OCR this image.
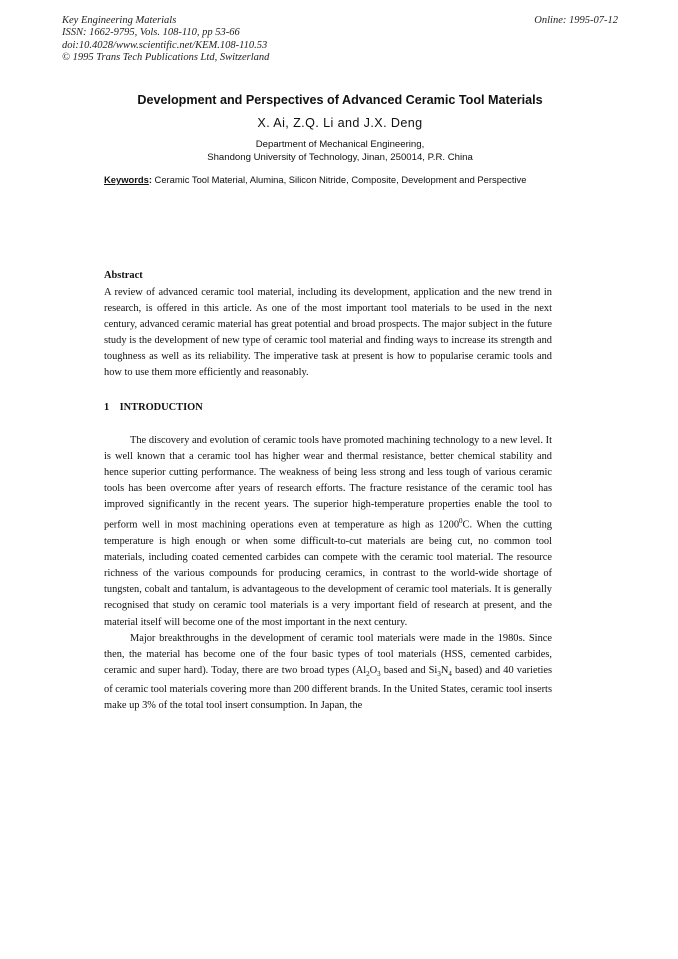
Key Engineering Materials
ISSN: 1662-9795, Vols. 108-110, pp 53-66
doi:10.4028/www.scientific.net/KEM.108-110.53
© 1995 Trans Tech Publications Ltd, Switzerland
Online: 1995-07-12
Development and Perspectives of Advanced Ceramic Tool Materials
X. Ai, Z.Q. Li and J.X. Deng
Department of Mechanical Engineering,
Shandong University of Technology, Jinan, 250014, P.R. China
Keywords: Ceramic Tool Material, Alumina, Silicon Nitride, Composite, Development and Perspective
Abstract
A review of advanced ceramic tool material, including its development, application and the new trend in research, is offered in this article. As one of the most important tool materials to be used in the next century, advanced ceramic material has great potential and broad prospects. The major subject in the future study is the development of new type of ceramic tool material and finding ways to increase its strength and toughness as well as its reliability. The imperative task at present is how to popularise ceramic tools and how to use them more efficiently and reasonably.
1 INTRODUCTION

The discovery and evolution of ceramic tools have promoted machining technology to a new level. It is well known that a ceramic tool has higher wear and thermal resistance, better chemical stability and hence superior cutting performance. The weakness of being less strong and less tough of various ceramic tools has been overcome after years of research efforts. The fracture resistance of the ceramic tool has improved significantly in the recent years. The superior high-temperature properties enable the tool to perform well in most machining operations even at temperature as high as 1200$^0$C. When the cutting temperature is high enough or when some difficult-to-cut materials are being cut, no common tool materials, including coated cemented carbides can compete with the ceramic tool material. The resource richness of the various compounds for producing ceramics, in contrast to the world-wide shortage of tungsten, cobalt and tantalum, is advantageous to the development of ceramic tool materials. It is generally recognised that study on ceramic tool materials is a very important field of research at present, and the material itself will become one of the most important in the next century.

Major breakthroughs in the development of ceramic tool materials were made in the 1980s. Since then, the material has become one of the four basic types of tool materials (HSS, cemented carbides, ceramic and super hard). Today, there are two broad types ($Al_2O_3$ based and $Si_3N_4$ based) and 40 varieties of ceramic tool materials covering more than 200 different brands. In the United States, ceramic tool inserts make up 3% of the total tool insert consumption. In Japan, the
